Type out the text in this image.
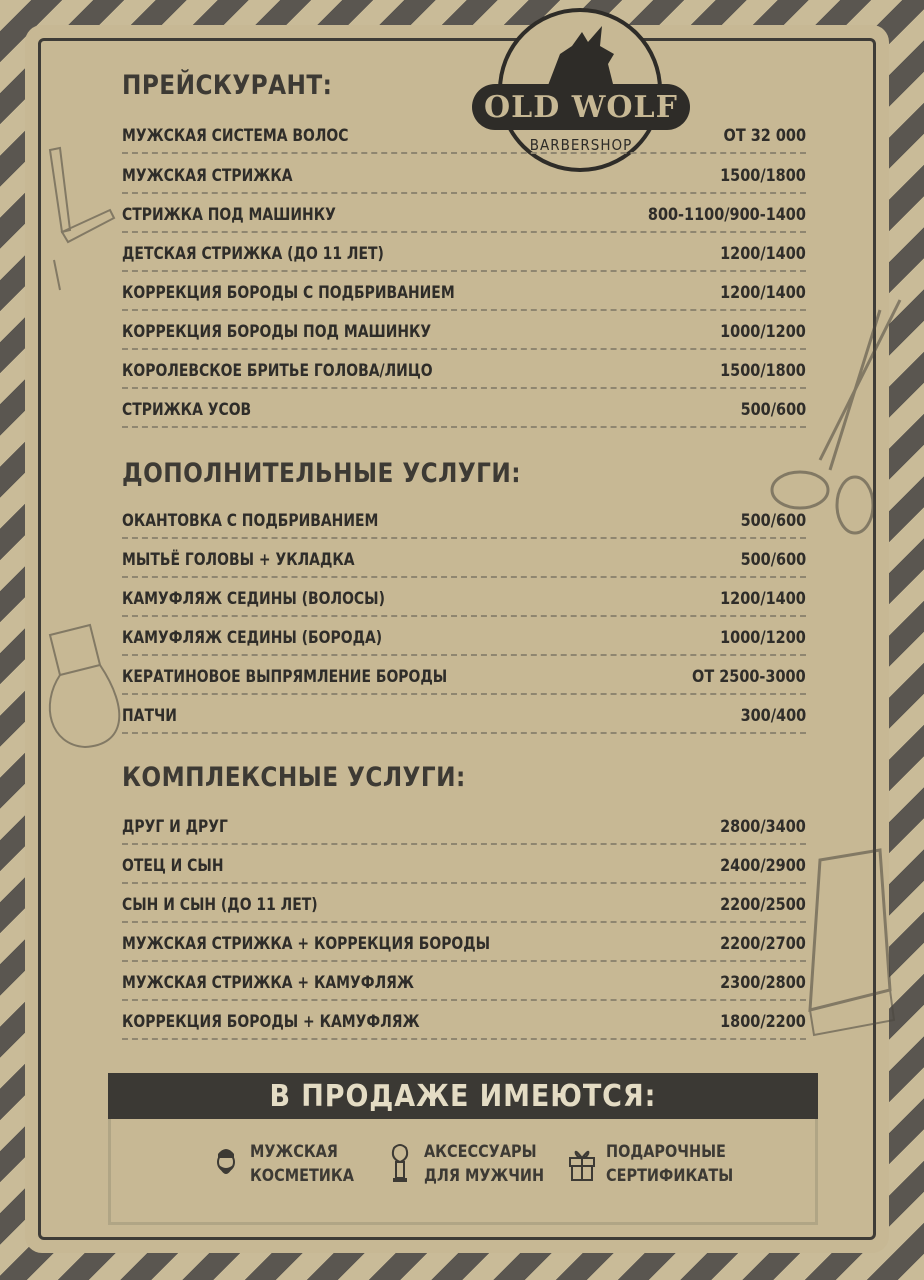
OLD WOLF
BARBERSHOP
ПРЕЙСКУРАНТ:
МУЖСКАЯ СИСТЕМА ВОЛОС	ОТ 32 000
МУЖСКАЯ СТРИЖКА	1500/1800
СТРИЖКА ПОД МАШИНКУ	800-1100/900-1400
ДЕТСКАЯ СТРИЖКА (ДО 11 ЛЕТ)	1200/1400
КОРРЕКЦИЯ БОРОДЫ С ПОДБРИВАНИЕМ	1200/1400
КОРРЕКЦИЯ БОРОДЫ ПОД МАШИНКУ	1000/1200
КОРОЛЕВСКОЕ БРИТЬЕ ГОЛОВА/ЛИЦО	1500/1800
СТРИЖКА УСОВ	500/600
ДОПОЛНИТЕЛЬНЫЕ УСЛУГИ:
ОКАНТОВКА С ПОДБРИВАНИЕМ	500/600
МЫТЬЁ ГОЛОВЫ + УКЛАДКА	500/600
КАМУФЛЯЖ СЕДИНЫ (ВОЛОСЫ)	1200/1400
КАМУФЛЯЖ СЕДИНЫ (БОРОДА)	1000/1200
КЕРАТИНОВОЕ ВЫПРЯМЛЕНИЕ БОРОДЫ	ОТ 2500-3000
ПАТЧИ	300/400
КОМПЛЕКСНЫЕ УСЛУГИ:
ДРУГ И ДРУГ	2800/3400
ОТЕЦ И СЫН	2400/2900
СЫН И СЫН (ДО 11 ЛЕТ)	2200/2500
МУЖСКАЯ СТРИЖКА + КОРРЕКЦИЯ БОРОДЫ	2200/2700
МУЖСКАЯ СТРИЖКА + КАМУФЛЯЖ	2300/2800
КОРРЕКЦИЯ БОРОДЫ + КАМУФЛЯЖ	1800/2200
В ПРОДАЖЕ ИМЕЮТСЯ:
МУЖСКАЯ
КОСМЕТИКА
АКСЕССУАРЫ
ДЛЯ МУЖЧИН
ПОДАРОЧНЫЕ
СЕРТИФИКАТЫ
